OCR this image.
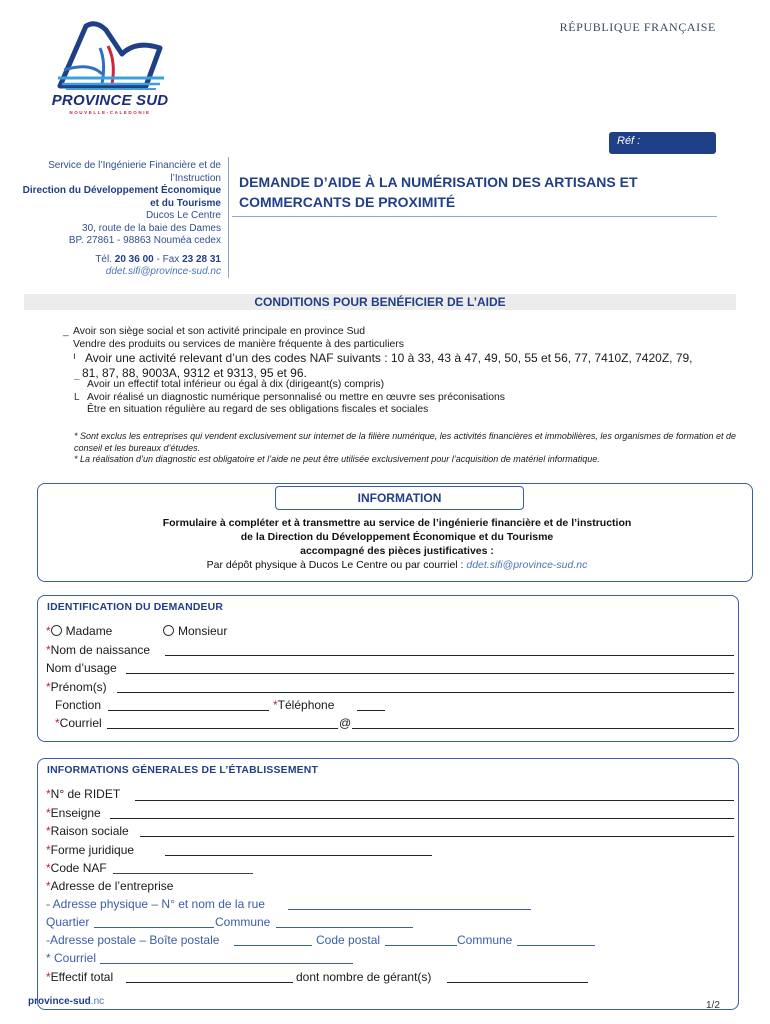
RÉPUBLIQUE FRANÇAISE
PROVINCE SUD
NOUVELLE-CALEDONIE
Réf :
Service de l’Ingénierie Financière et de
l’Instruction
Direction du Développement Économique
et du Tourisme
Ducos Le Centre
30, route de la baie des Dames
BP. 27861 - 98863 Nouméa cedex
Tél. 20 36 00 - Fax 23 28 31
ddet.sifi@province-sud.nc
DEMANDE D’AIDE À LA NUMÉRISATION DES ARTISANS ET
COMMERCANTS DE PROXIMITÉ
CONDITIONS POUR BENÉFICIER DE L’AIDE
_ Avoir son siège social et son activité principale en province Sud
Vendre des produits ou services de manière fréquente à des particuliers
ı Avoir une activité relevant d’un des codes NAF suivants : 10 à 33, 43 à 47, 49, 50, 55 et 56, 77, 7410Z, 7420Z, 79,
81, 87, 88, 9003A, 9312 et 9313, 95 et 96.
¯ Avoir un effectif total inférieur ou égal à dix (dirigeant(s) compris)
L Avoir réalisé un diagnostic numérique personnalisé ou mettre en œuvre ses préconisations
Être en situation régulière au regard de ses obligations fiscales et sociales
* Sont exclus les entreprises qui vendent exclusivement sur internet de la filière numérique, les activités financières et immobilières, les organismes de formation et de conseil et les bureaux d’études.
* La réalisation d’un diagnostic est obligatoire et l’aide ne peut être utilisée exclusivement pour l’acquisition de matériel informatique.
INFORMATION
Formulaire à compléter et à transmettre au service de l’ingénierie financière et de l’instruction
de la Direction du Développement Économique et du Tourisme
accompagné des pièces justificatives :
Par dépôt physique à Ducos Le Centre ou par courriel : ddet.sifi@province-sud.nc
IDENTIFICATION DU DEMANDEUR
* Madame	Monsieur
*Nom de naissance
Nom d’usage
*Prénom(s)
Fonction	*Téléphone
*Courriel	@
INFORMATIONS GÉNERALES DE L’ÉTABLISSEMENT
*N° de RIDET
*Enseigne
*Raison sociale
*Forme juridique
*Code NAF
*Adresse de l’entreprise
- Adresse physique – N° et nom de la rue
Quartier	Commune
-Adresse postale – Boîte postale	Code postal	Commune
* Courriel
*Effectif total	dont nombre de gérant(s)
province-sud.nc	1/2
